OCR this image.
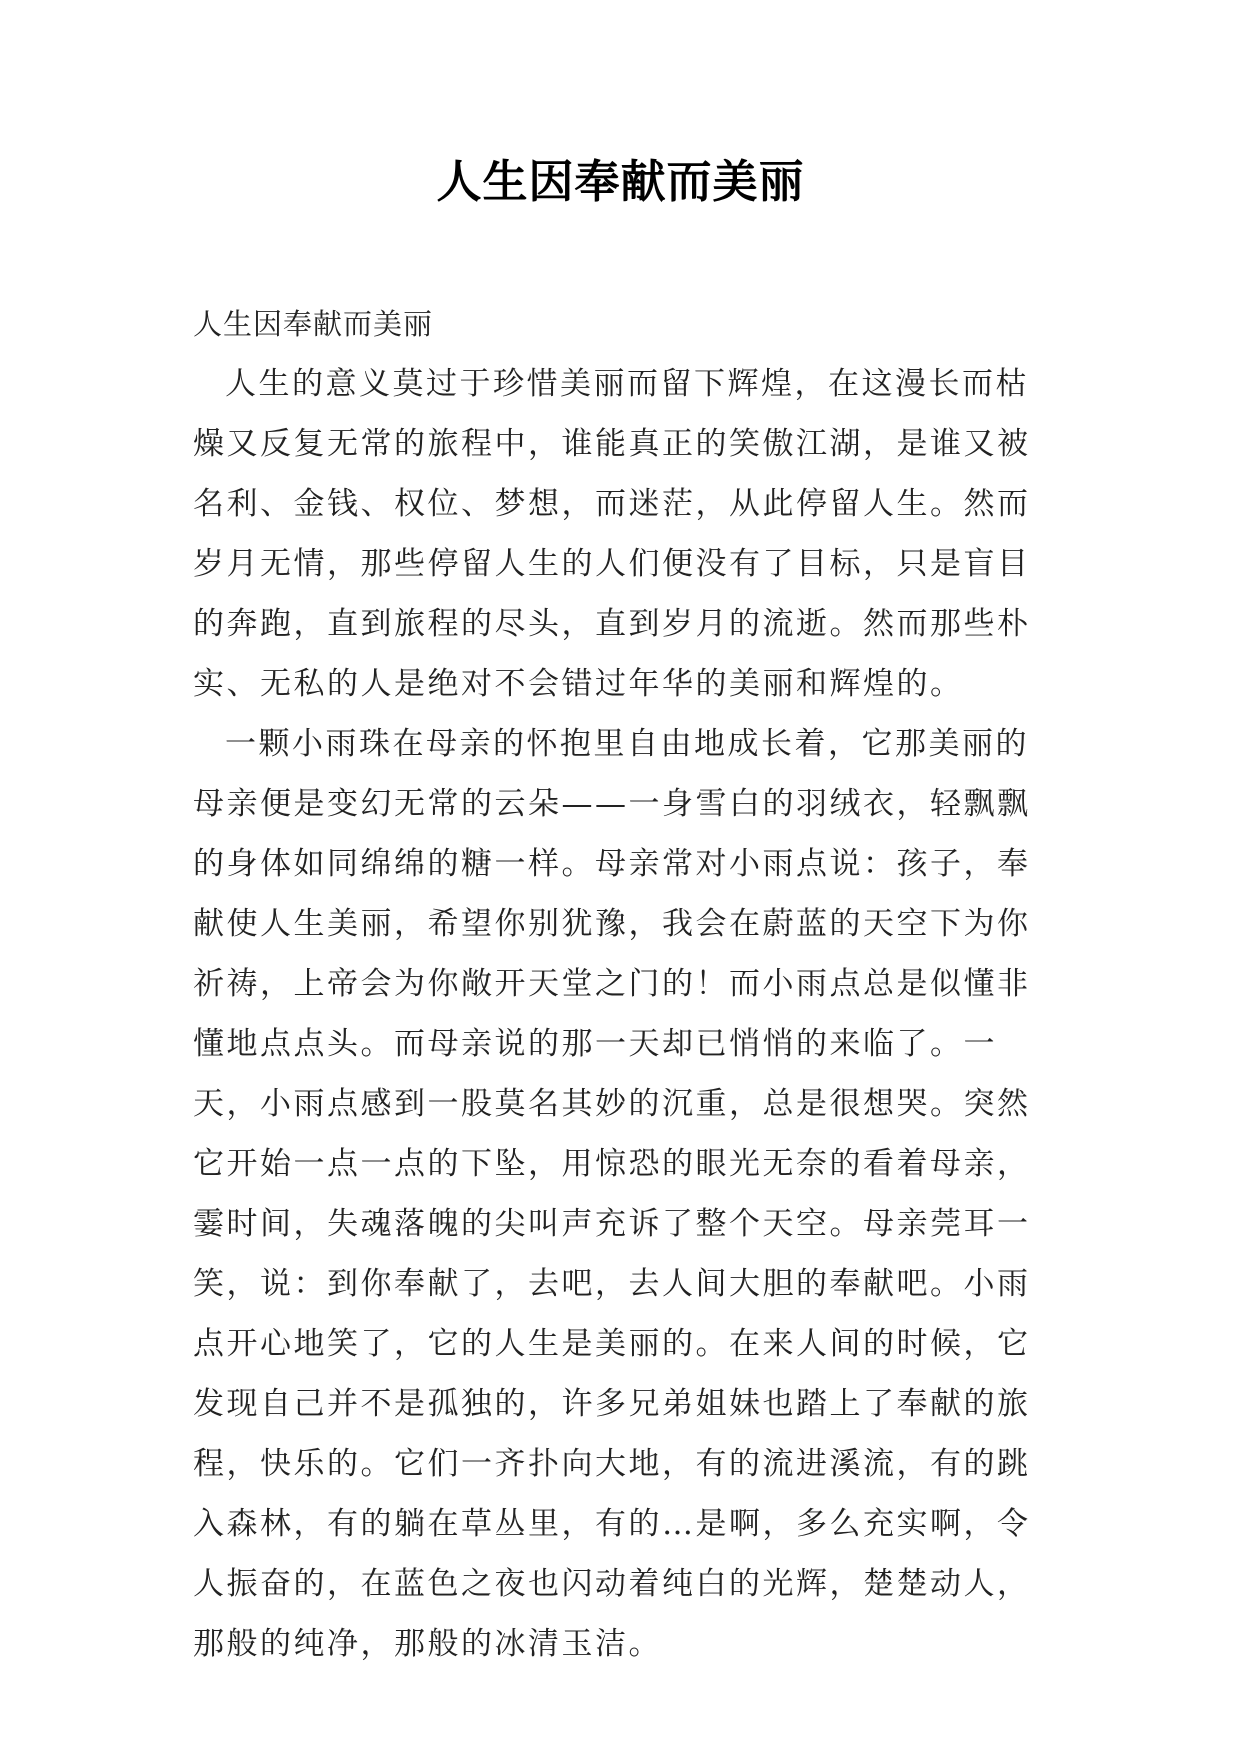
人生因奉献而美丽

人生因奉献而美丽

人生的意义莫过于珍惜美丽而留下辉煌，在这漫长而枯燥又反复无常的旅程中，谁能真正的笑傲江湖，是谁又被名利、金钱、权位、梦想，而迷茫，从此停留人生。然而岁月无情，那些停留人生的人们便没有了目标，只是盲目的奔跑，直到旅程的尽头，直到岁月的流逝。然而那些朴实、无私的人是绝对不会错过年华的美丽和辉煌的。

一颗小雨珠在母亲的怀抱里自由地成长着，它那美丽的母亲便是变幻无常的云朵——一身雪白的羽绒衣，轻飘飘的身体如同绵绵的糖一样。母亲常对小雨点说：孩子，奉献使人生美丽，希望你别犹豫，我会在蔚蓝的天空下为你祈祷，上帝会为你敞开天堂之门的！而小雨点总是似懂非懂地点点头。而母亲说的那一天却已悄悄的来临了。一天，小雨点感到一股莫名其妙的沉重，总是很想哭。突然它开始一点一点的下坠，用惊恐的眼光无奈的看着母亲，霎时间，失魂落魄的尖叫声充诉了整个天空。母亲莞耳一笑，说：到你奉献了，去吧，去人间大胆的奉献吧。小雨点开心地笑了，它的人生是美丽的。在来人间的时候，它发现自己并不是孤独的，许多兄弟姐妹也踏上了奉献的旅程，快乐的。它们一齐扑向大地，有的流进溪流，有的跳入森林，有的躺在草丛里，有的…是啊，多么充实啊，令人振奋的，在蓝色之夜也闪动着纯白的光辉，楚楚动人，那般的纯净，那般的冰清玉洁。
